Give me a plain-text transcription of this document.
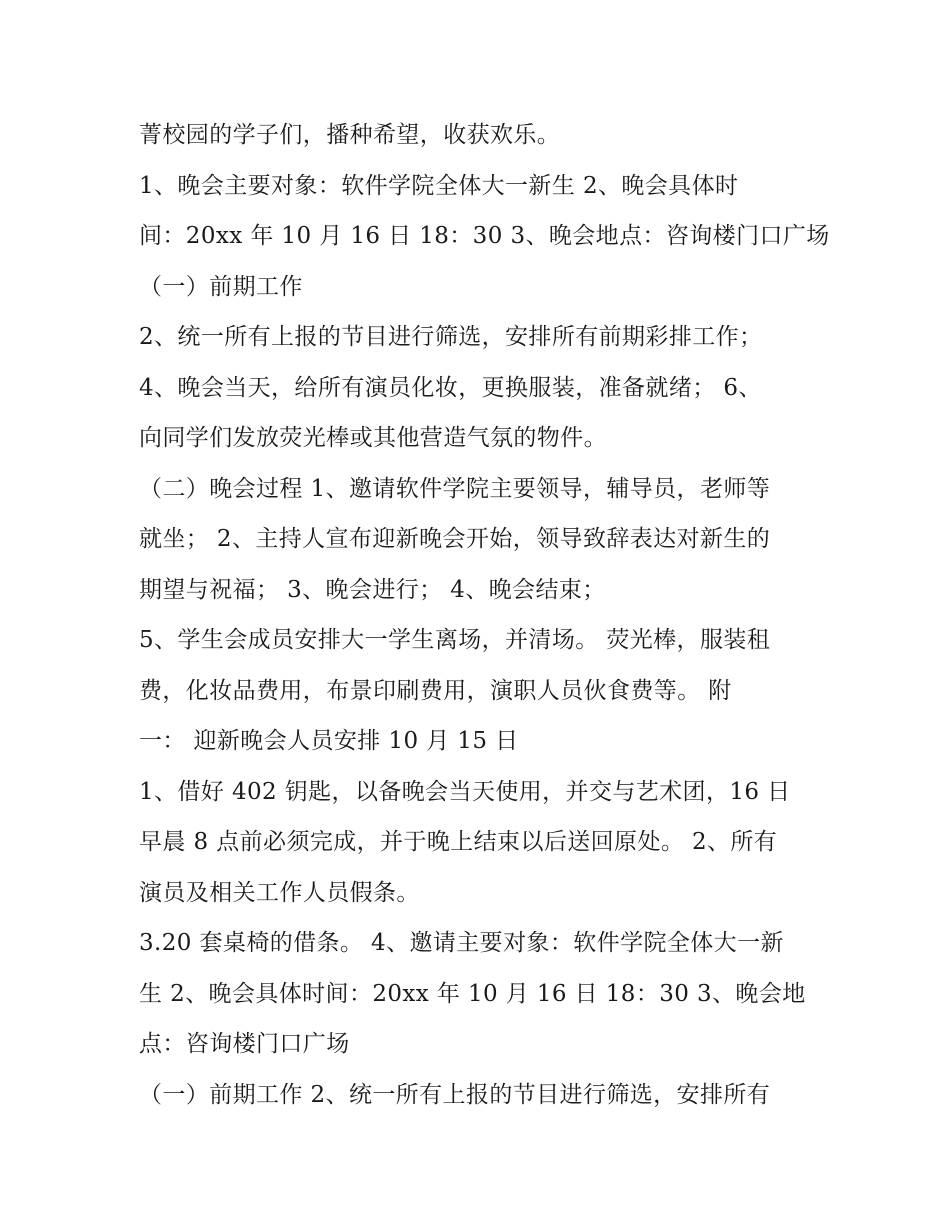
菁校园的学子们，播种希望，收获欢乐。
1、晚会主要对象：软件学院全体大一新生 2、晚会具体时
间：20xx 年 10 月 16 日 18：30 3、晚会地点：咨询楼门口广场
（一）前期工作
2、统一所有上报的节目进行筛选，安排所有前期彩排工作；
4、晚会当天，给所有演员化妆，更换服装，准备就绪； 6、
向同学们发放荧光棒或其他营造气氛的物件。
（二）晚会过程 1、邀请软件学院主要领导，辅导员，老师等
就坐； 2、主持人宣布迎新晚会开始，领导致辞表达对新生的
期望与祝福； 3、晚会进行； 4、晚会结束；
5、学生会成员安排大一学生离场，并清场。 荧光棒，服装租
费，化妆品费用，布景印刷费用，演职人员伙食费等。 附
一： 迎新晚会人员安排 10 月 15 日
1、借好 402 钥匙，以备晚会当天使用，并交与艺术团，16 日
早晨 8 点前必须完成，并于晚上结束以后送回原处。 2、所有
演员及相关工作人员假条。
3.20 套桌椅的借条。 4、邀请主要对象：软件学院全体大一新
生 2、晚会具体时间：20xx 年 10 月 16 日 18：30 3、晚会地
点：咨询楼门口广场
（一）前期工作 2、统一所有上报的节目进行筛选，安排所有
